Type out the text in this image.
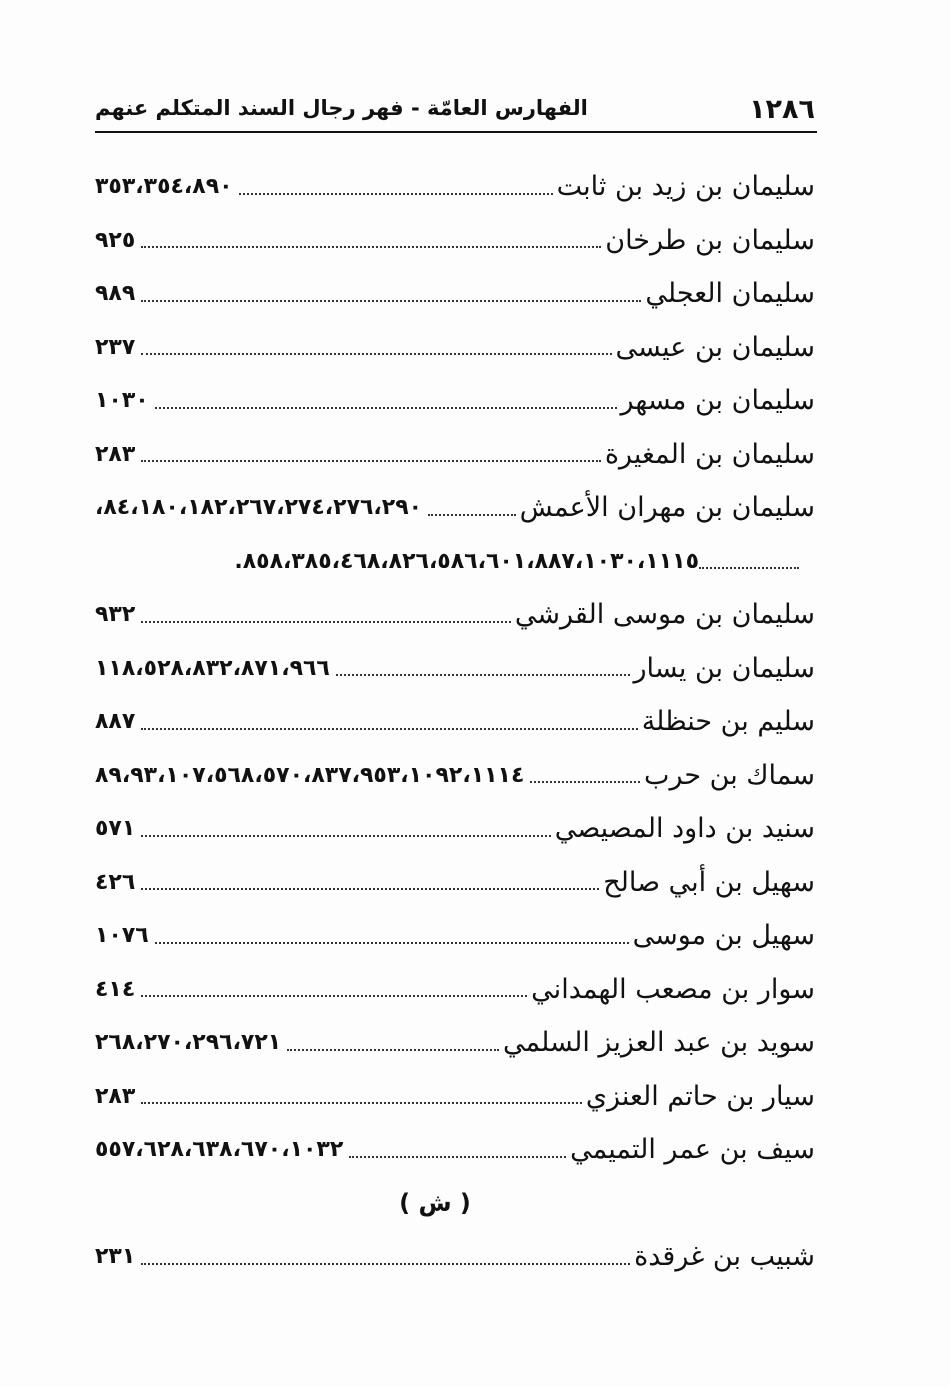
١٢٨٦
الفهارس العامّة - فهر رجال السند المتكلم عنهم
سليمان بن زيد بن ثابت
٣٥٣،٣٥٤،٨٩٠
سليمان بن طرخان
٩٢٥
سليمان العجلي
٩٨٩
سليمان بن عيسى
٢٣٧
سليمان بن مسهر
١٠٣٠
سليمان بن المغيرة
٢٨٣
سليمان بن مهران الأعمش
٨٤،١٨٠،١٨٢،٢٦٧،٢٧٤،٢٧٦،٢٩٠،
٨٥٨،٣٨٥،٤٦٨،٨٢٦،٥٨٦،٦٠١،٨٨٧،١٠٣٠،١١١٥.
سليمان بن موسى القرشي
٩٣٢
سليمان بن يسار
١١٨،٥٢٨،٨٣٢،٨٧١،٩٦٦
سليم بن حنظلة
٨٨٧
سماك بن حرب
٨٩،٩٣،١٠٧،٥٦٨،٥٧٠،٨٣٧،٩٥٣،١٠٩٢،١١١٤
سنيد بن داود المصيصي
٥٧١
سهيل بن أبي صالح
٤٢٦
سهيل بن موسى
١٠٧٦
سوار بن مصعب الهمداني
٤١٤
سويد بن عبد العزيز السلمي
٢٦٨،٢٧٠،٢٩٦،٧٢١
سيار بن حاتم العنزي
٢٨٣
سيف بن عمر التميمي
٥٥٧،٦٢٨،٦٣٨،٦٧٠،١٠٣٢
( ش )
شبيب بن غرقدة
٢٣١
